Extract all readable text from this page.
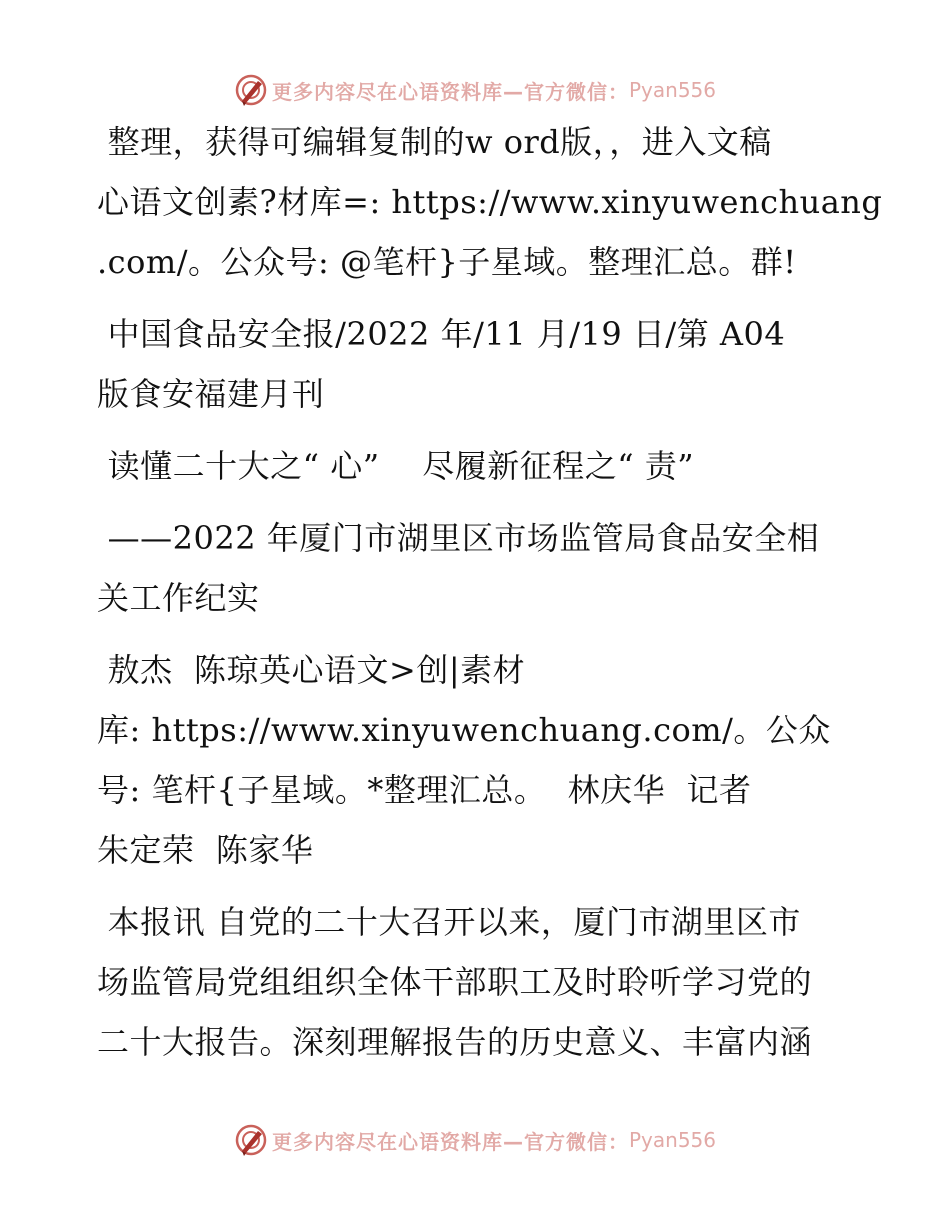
更多内容尽在心语资料库—官方微信： Pyan556
整理，获得可编辑复制的w ord版，，进入文稿
心语文创素?材库=: https://www.xinyuwenchuang
.com/。公众号: @笔杆}子星域。整理汇总。群!
中国食品安全报/2022 年/11 月/19 日/第 A04
版食安福建月刊
读懂二十大之“ 心”    尽履新征程之“ 责”
——2022 年厦门市湖里区市场监管局食品安全相
关工作纪实
敖杰  陈琼英心语文>创|素材
库: https://www.xinyuwenchuang.com/。公众
号: 笔杆{子星域。*整理汇总。  林庆华  记者
朱定荣  陈家华
本报讯 自党的二十大召开以来，厦门市湖里区市
场监管局党组组织全体干部职工及时聆听学习党的
二十大报告。深刻理解报告的历史意义、丰富内涵
更多内容尽在心语资料库—官方微信： Pyan556
